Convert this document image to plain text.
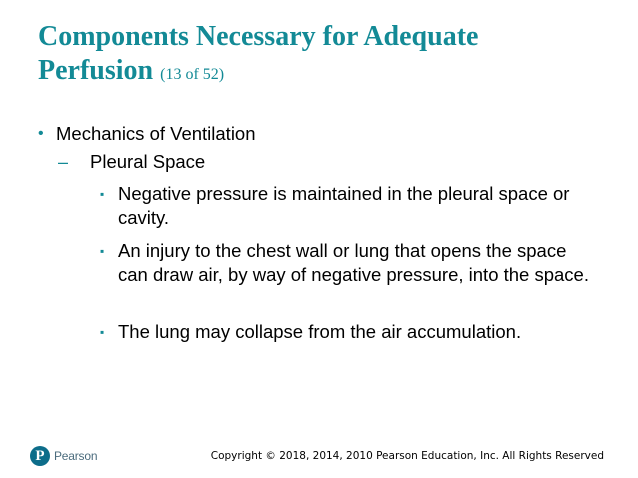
Components Necessary for Adequate Perfusion (13 of 52)
• Mechanics of Ventilation
–	Pleural Space
▪ Negative pressure is maintained in the pleural space or cavity.
▪ An injury to the chest wall or lung that opens the space can draw air, by way of negative pressure, into the space.
▪ The lung may collapse from the air accumulation.
P Pearson	Copyright © 2018, 2014, 2010 Pearson Education, Inc. All Rights Reserved
